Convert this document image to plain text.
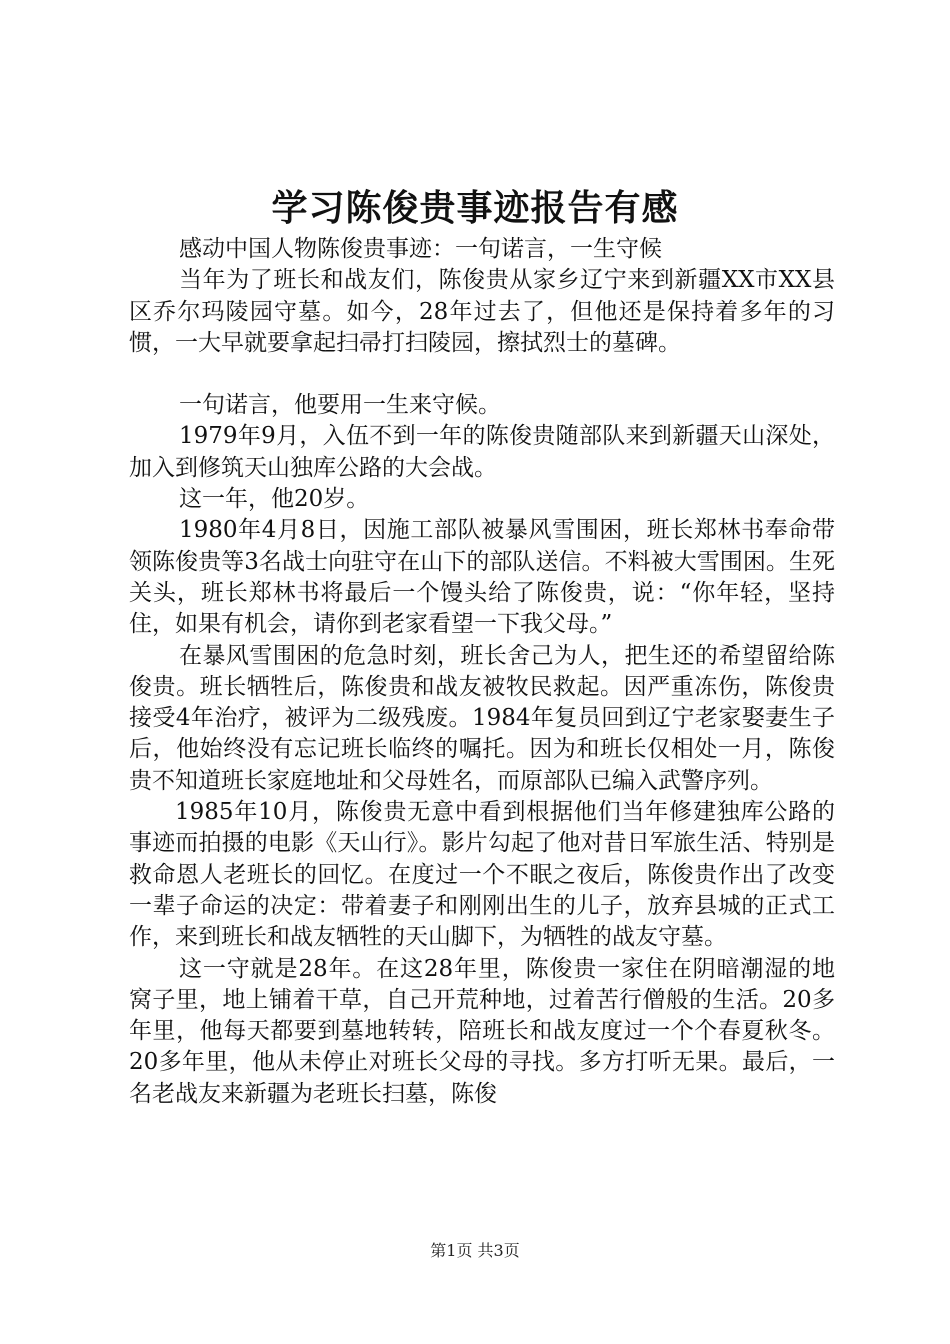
学习陈俊贵事迹报告有感

感动中国人物陈俊贵事迹：一句诺言，一生守候

当年为了班长和战友们，陈俊贵从家乡辽宁来到新疆XX市XX县区乔尔玛陵园守墓。如今，28年过去了，但他还是保持着多年的习惯，一大早就要拿起扫帚打扫陵园，擦拭烈士的墓碑。

一句诺言，他要用一生来守候。

1979年9月，入伍不到一年的陈俊贵随部队来到新疆天山深处，加入到修筑天山独库公路的大会战。

这一年，他20岁。

1980年4月8日，因施工部队被暴风雪围困，班长郑林书奉命带领陈俊贵等3名战士向驻守在山下的部队送信。不料被大雪围困。生死关头，班长郑林书将最后一个馒头给了陈俊贵，说：“你年轻，坚持住，如果有机会，请你到老家看望一下我父母。”

在暴风雪围困的危急时刻，班长舍己为人，把生还的希望留给陈俊贵。班长牺牲后，陈俊贵和战友被牧民救起。因严重冻伤，陈俊贵接受4年治疗，被评为二级残废。1984年复员回到辽宁老家娶妻生子后，他始终没有忘记班长临终的嘱托。因为和班长仅相处一月，陈俊贵不知道班长家庭地址和父母姓名，而原部队已编入武警序列。

1985年10月，陈俊贵无意中看到根据他们当年修建独库公路的事迹而拍摄的电影《天山行》。影片勾起了他对昔日军旅生活、特别是救命恩人老班长的回忆。在度过一个不眠之夜后，陈俊贵作出了改变一辈子命运的决定：带着妻子和刚刚出生的儿子，放弃县城的正式工作，来到班长和战友牺牲的天山脚下，为牺牲的战友守墓。

这一守就是28年。在这28年里，陈俊贵一家住在阴暗潮湿的地窝子里，地上铺着干草，自己开荒种地，过着苦行僧般的生活。20多年里，他每天都要到墓地转转，陪班长和战友度过一个个春夏秋冬。20多年里，他从未停止对班长父母的寻找。多方打听无果。最后，一名老战友来新疆为老班长扫墓，陈俊

第1页 共3页
